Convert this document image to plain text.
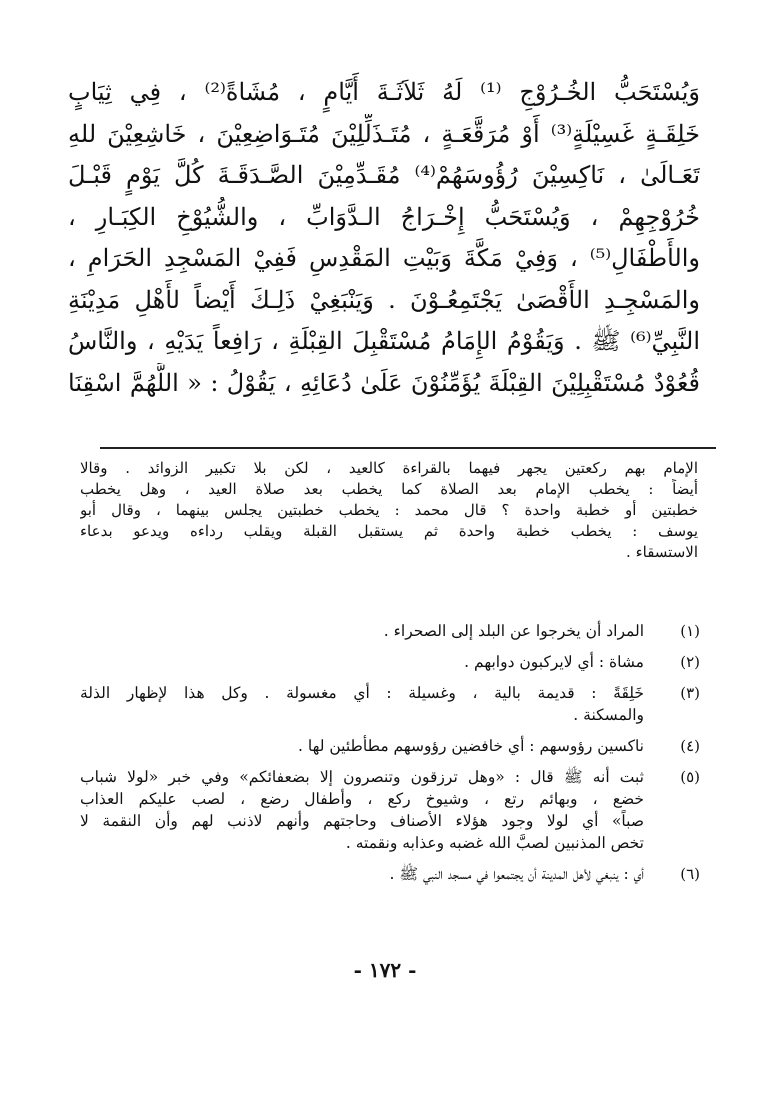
وَيُسْتَحَبُّ الخُـرُوْجِ ⁽¹⁾ لَهُ ثَلاَثَـةَ أَيَّامٍ ، مُشَاةً⁽²⁾ ، فِي ثِيَابٍ
خَلِقَـةٍ غَسِيْلَةٍ⁽³⁾ أَوْ مُرَقَّعَـةٍ ، مُتَـذَلِّلِيْنَ مُتَـوَاضِعِيْنَ ، خَاشِعِيْنَ للهِ
تَعَـالَىٰ ، نَاكِسِيْنَ رُؤُوسَهُمْ⁽⁴⁾ مُقَـدِّمِيْنَ الصَّـدَقَـةَ كُلَّ يَوْمٍ قَبْـلَ
خُرُوْجِهِمْ ، وَيُسْتَحَبُّ إِخْـرَاجُ الـدَّوَابِّ ، والشُّيُوْخِ الكِبَـارِ ،
والأَطْفَالِ⁽⁵⁾ ، وَفِيْ مَكَّةَ وَبَيْتِ المَقْدِسِ فَفِيْ المَسْجِدِ الحَرَامِ ،
والمَسْجِـدِ الأَقْصَىٰ يَجْتَمِعُـوْنَ . وَيَنْبَغِيْ ذَلِـكَ أَيْضاً لأَهْلِ مَدِيْنَةِ
النَّبِيِّ⁽⁶⁾ ﷺ . وَيَقُوْمُ الإِمَامُ مُسْتَقْبِلَ القِبْلَةِ ، رَافِعاً يَدَيْهِ ، والنَّاسُ
قُعُوْدٌ مُسْتَقْبِلِيْنَ القِبْلَةَ يُؤَمِّنُوْنَ عَلَىٰ دُعَائِهِ ، يَقُوْلُ : « اللَّهُمَّ اسْقِنَا
الإمام بهم ركعتين يجهر فيهما بالقراءة كالعيد ، لكن بلا تكبير الزوائد . وقالا
أيضاً : يخطب الإمام بعد الصلاة كما يخطب بعد صلاة العيد ، وهل يخطب
خطبتين أو خطبة واحدة ؟ قال محمد : يخطب خطبتين يجلس بينهما ، وقال أبو
يوسف : يخطب خطبة واحدة ثم يستقبل القبلة ويقلب رداءه ويدعو بدعاء
الاستسقاء .
(١)
المراد أن يخرجوا عن البلد إلى الصحراء .
(٢)
مشاة : أي لايركبون دوابهم .
(٣)
خَلِقَةً : قديمة بالية ، وغسيلة : أي مغسولة . وكل هذا لإظهار الذلة
والمسكنة .
(٤)
ناكسين رؤوسهم : أي خافضين رؤوسهم مطأطئين لها .
(٥)
ثبت أنه ﷺ قال : «وهل ترزقون وتنصرون إلا بضعفائكم» وفي خبر «لولا شباب
خضع ، وبهائم رتع ، وشيوخ ركع ، وأطفال رضع ، لصب عليكم العذاب
صباً» أي لولا وجود هؤلاء الأصناف وحاجتهم وأنهم لاذنب لهم وأن النقمة لا
تخص المذنبين لصبَّ الله غضبه وعذابه ونقمته .
(٦)
أي : ينبغي لأهل المدينة أن يجتمعوا في مسجد النبي ﷺ .
- ١٧٢ -
